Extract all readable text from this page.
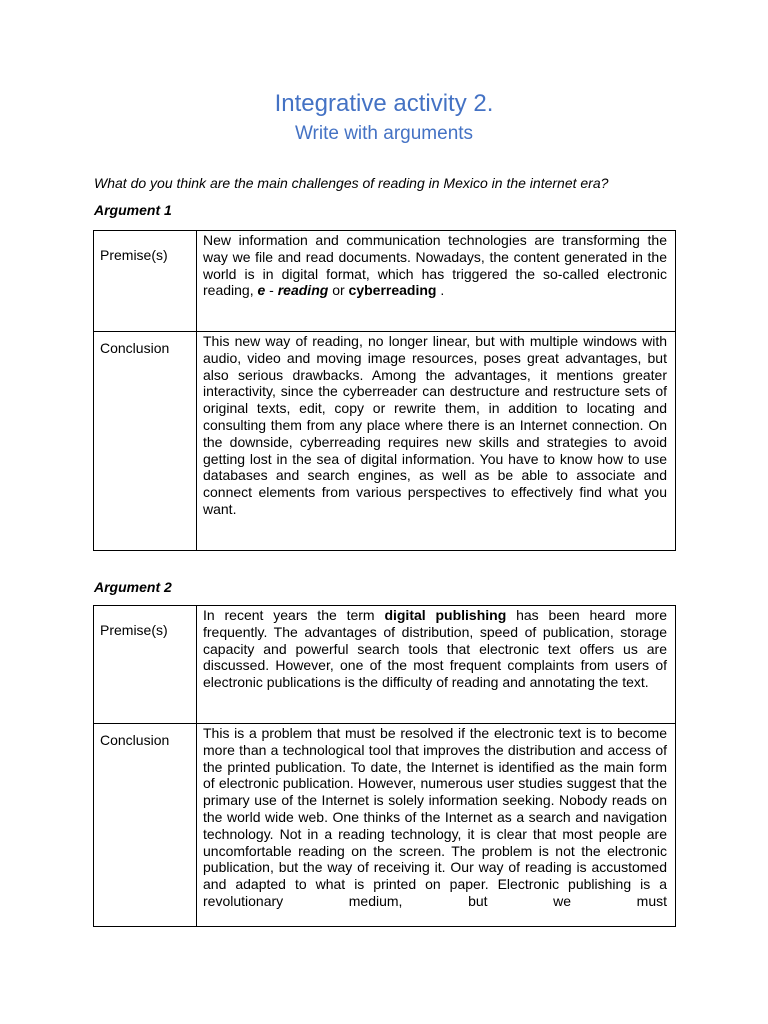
Integrative activity 2.
Write with arguments
What do you think are the main challenges of reading in Mexico in the internet era?
Argument 1
Premise(s)	New information and communication technologies are transforming the way we file and read documents. Nowadays, the content generated in the world is in digital format, which has triggered the so-called electronic reading, e - reading or cyberreading .

Conclusion	This new way of reading, no longer linear, but with multiple windows with audio, video and moving image resources, poses great advantages, but also serious drawbacks. Among the advantages, it mentions greater interactivity, since the cyberreader can destructure and restructure sets of original texts, edit, copy or rewrite them, in addition to locating and consulting them from any place where there is an Internet connection. On the downside, cyberreading requires new skills and strategies to avoid getting lost in the sea of digital information. You have to know how to use databases and search engines, as well as be able to associate and connect elements from various perspectives to effectively find what you want.
Argument 2
Premise(s)	In recent years the term digital publishing has been heard more frequently. The advantages of distribution, speed of publication, storage capacity and powerful search tools that electronic text offers us are discussed. However, one of the most frequent complaints from users of electronic publications is the difficulty of reading and annotating the text.

Conclusion	This is a problem that must be resolved if the electronic text is to become more than a technological tool that improves the distribution and access of the printed publication. To date, the Internet is identified as the main form of electronic publication. However, numerous user studies suggest that the primary use of the Internet is solely information seeking. Nobody reads on the world wide web. One thinks of the Internet as a search and navigation technology. Not in a reading technology, it is clear that most people are uncomfortable reading on the screen. The problem is not the electronic publication, but the way of receiving it. Our way of reading is accustomed and adapted to what is printed on paper. Electronic publishing is a revolutionary medium, but we must
